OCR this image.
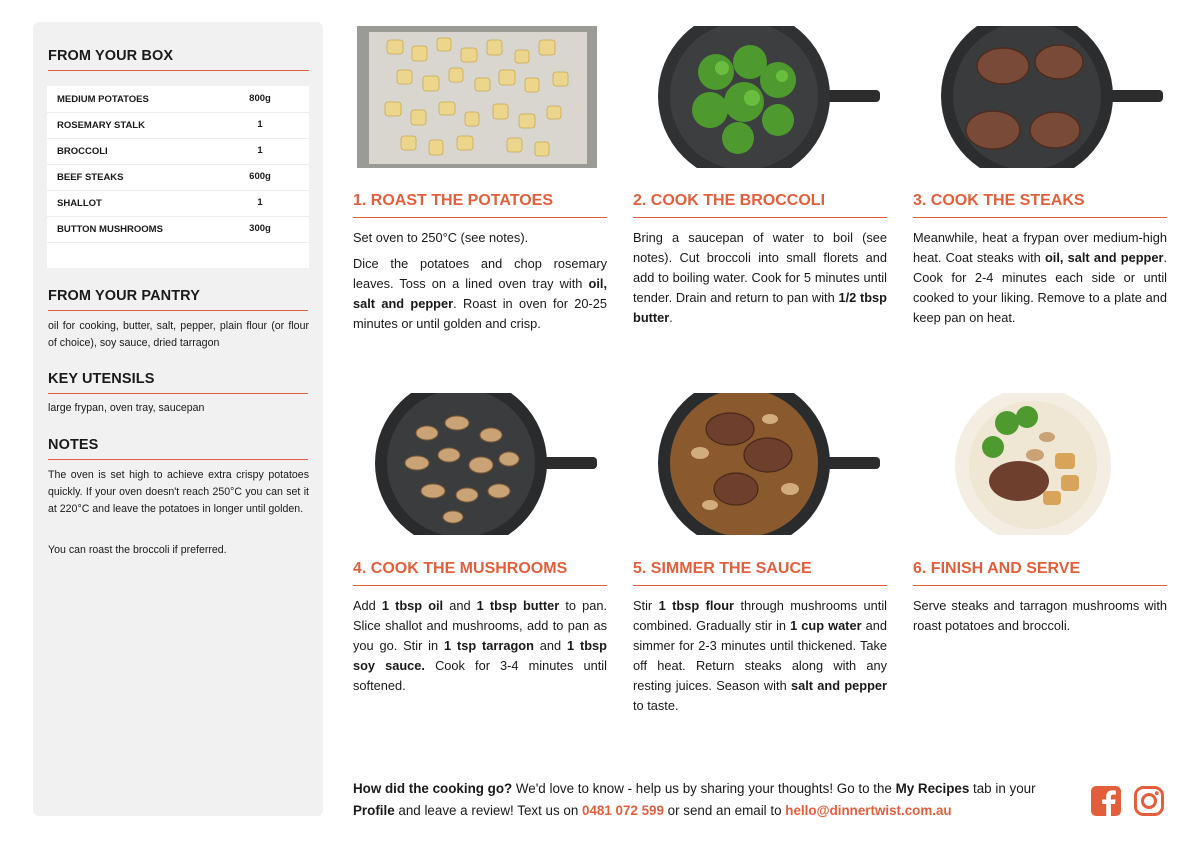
FROM YOUR BOX
MEDIUM POTATOES	800g
ROSEMARY STALK	1
BROCCOLI	1
BEEF STEAKS	600g
SHALLOT	1
BUTTON MUSHROOMS	300g
FROM YOUR PANTRY
oil for cooking, butter, salt, pepper, plain flour (or flour of choice), soy sauce, dried tarragon
KEY UTENSILS
large frypan, oven tray, saucepan
NOTES
The oven is set high to achieve extra crispy potatoes quickly. If your oven doesn't reach 250°C you can set it at 220°C and leave the potatoes in longer until golden.
You can roast the broccoli if preferred.
1. ROAST THE POTATOES

Set oven to 250°C (see notes).

Dice the potatoes and chop rosemary leaves. Toss on a lined oven tray with oil, salt and pepper. Roast in oven for 20-25 minutes or until golden and crisp.

2. COOK THE BROCCOLI

Bring a saucepan of water to boil (see notes). Cut broccoli into small florets and add to boiling water. Cook for 5 minutes until tender. Drain and return to pan with 1/2 tbsp butter.

3. COOK THE STEAKS

Meanwhile, heat a frypan over medium-high heat. Coat steaks with oil, salt and pepper. Cook for 2-4 minutes each side or until cooked to your liking. Remove to a plate and keep pan on heat.

4. COOK THE MUSHROOMS

Add 1 tbsp oil and 1 tbsp butter to pan. Slice shallot and mushrooms, add to pan as you go. Stir in 1 tsp tarragon and 1 tbsp soy sauce. Cook for 3-4 minutes until softened.

5. SIMMER THE SAUCE

Stir 1 tbsp flour through mushrooms until combined. Gradually stir in 1 cup water and simmer for 2-3 minutes until thickened. Take off heat. Return steaks along with any resting juices. Season with salt and pepper to taste.

6. FINISH AND SERVE

Serve steaks and tarragon mushrooms with roast potatoes and broccoli.

How did the cooking go? We'd love to know - help us by sharing your thoughts! Go to the My Recipes tab in your Profile and leave a review! Text us on 0481 072 599 or send an email to hello@dinnertwist.com.au
